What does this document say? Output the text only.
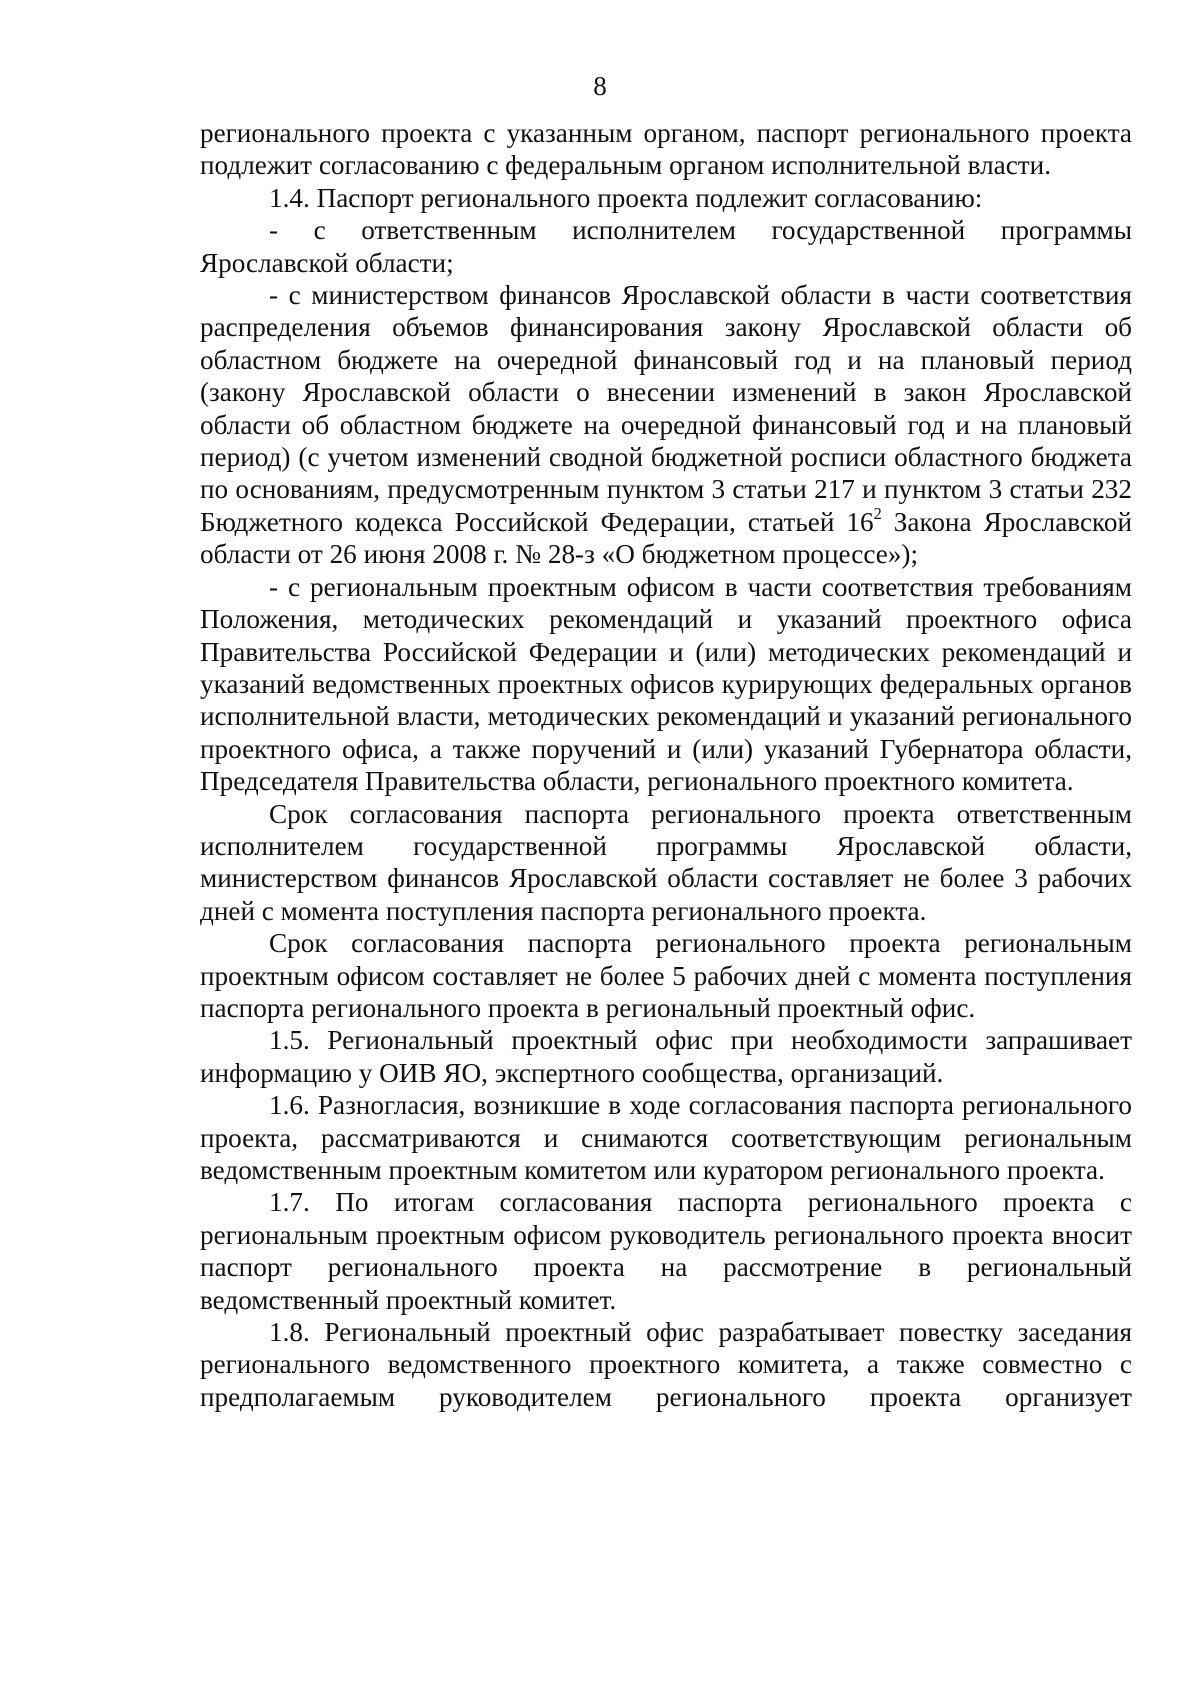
8

регионального проекта с указанным органом, паспорт регионального проекта подлежит согласованию с федеральным органом исполнительной власти.

1.4. Паспорт регионального проекта подлежит согласованию:

- с ответственным исполнителем государственной программы Ярославской области;

- с министерством финансов Ярославской области в части соответствия распределения объемов финансирования закону Ярославской области об областном бюджете на очередной финансовый год и на плановый период (закону Ярославской области о внесении изменений в закон Ярославской области об областном бюджете на очередной финансовый год и на плановый период) (с учетом изменений сводной бюджетной росписи областного бюджета по основаниям, предусмотренным пунктом 3 статьи 217 и пунктом 3 статьи 232 Бюджетного кодекса Российской Федерации, статьей $16^2$ Закона Ярославской области от 26 июня 2008 г. № 28-з «О бюджетном процессе»);

- с региональным проектным офисом в части соответствия требованиям Положения, методических рекомендаций и указаний проектного офиса Правительства Российской Федерации и (или) методических рекомендаций и указаний ведомственных проектных офисов курирующих федеральных органов исполнительной власти, методических рекомендаций и указаний регионального проектного офиса, а также поручений и (или) указаний Губернатора области, Председателя Правительства области, регионального проектного комитета.

Срок согласования паспорта регионального проекта ответственным исполнителем государственной программы Ярославской области, министерством финансов Ярославской области составляет не более 3 рабочих дней с момента поступления паспорта регионального проекта.

Срок согласования паспорта регионального проекта региональным проектным офисом составляет не более 5 рабочих дней с момента поступления паспорта регионального проекта в региональный проектный офис.

1.5. Региональный проектный офис при необходимости запрашивает информацию у ОИВ ЯО, экспертного сообщества, организаций.

1.6. Разногласия, возникшие в ходе согласования паспорта регионального проекта, рассматриваются и снимаются соответствующим региональным ведомственным проектным комитетом или куратором регионального проекта.

1.7. По итогам согласования паспорта регионального проекта с региональным проектным офисом руководитель регионального проекта вносит паспорт регионального проекта на рассмотрение в региональный ведомственный проектный комитет.

1.8. Региональный проектный офис разрабатывает повестку заседания регионального ведомственного проектного комитета, а также совместно с предполагаемым руководителем регионального проекта организует
